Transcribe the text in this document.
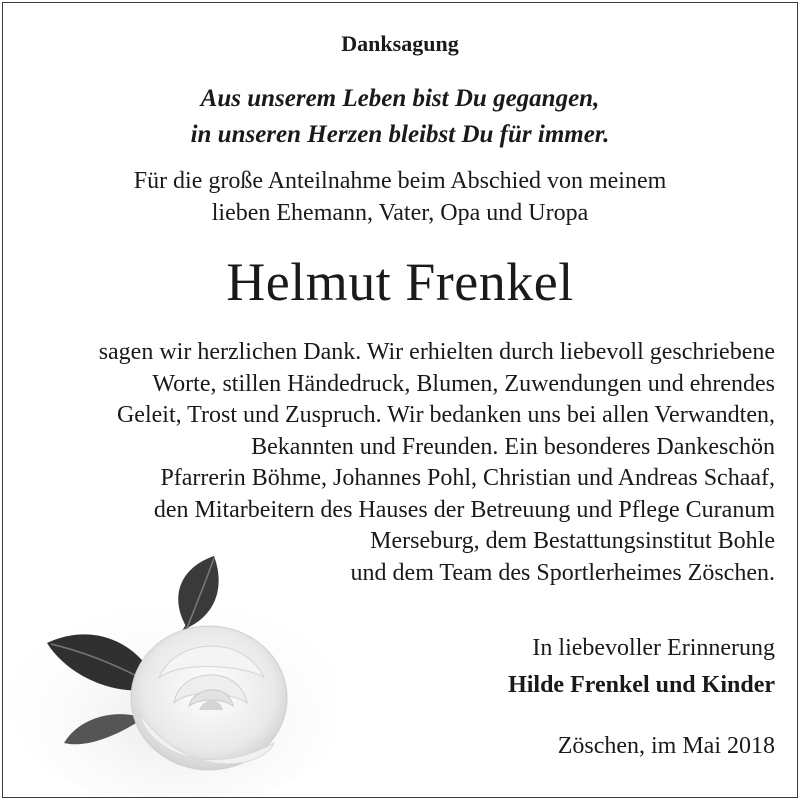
Danksagung
Aus unserem Leben bist Du gegangen,
in unseren Herzen bleibst Du für immer.
Für die große Anteilnahme beim Abschied von meinem
lieben Ehemann, Vater, Opa und Uropa
Helmut Frenkel
sagen wir herzlichen Dank. Wir erhielten durch liebevoll geschriebene
Worte, stillen Händedruck, Blumen, Zuwendungen und ehrendes
Geleit, Trost und Zuspruch. Wir bedanken uns bei allen Verwandten,
Bekannten und Freunden. Ein besonderes Dankeschön
Pfarrerin Böhme, Johannes Pohl, Christian und Andreas Schaaf,
den Mitarbeitern des Hauses der Betreuung und Pflege Curanum
Merseburg, dem Bestattungsinstitut Bohle
und dem Team des Sportlerheimes Zöschen.
In liebevoller Erinnerung
Hilde Frenkel und Kinder
Zöschen, im Mai 2018
